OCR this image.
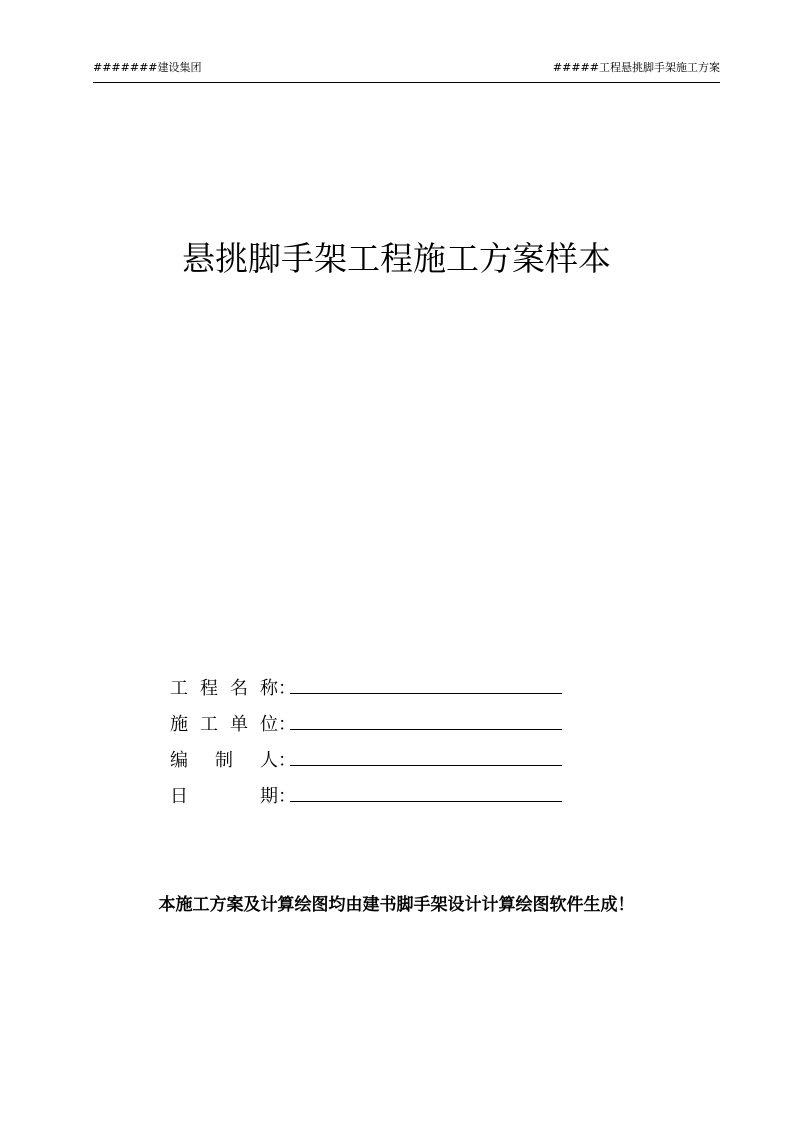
#######建设集团	#####工程悬挑脚手架施工方案
悬挑脚手架工程施工方案样本
工 程 名 称 ：
施 工 单 位 ：
编 制 人 ：
日	期 ：
本施工方案及计算绘图均由建书脚手架设计计算绘图软件生成！
